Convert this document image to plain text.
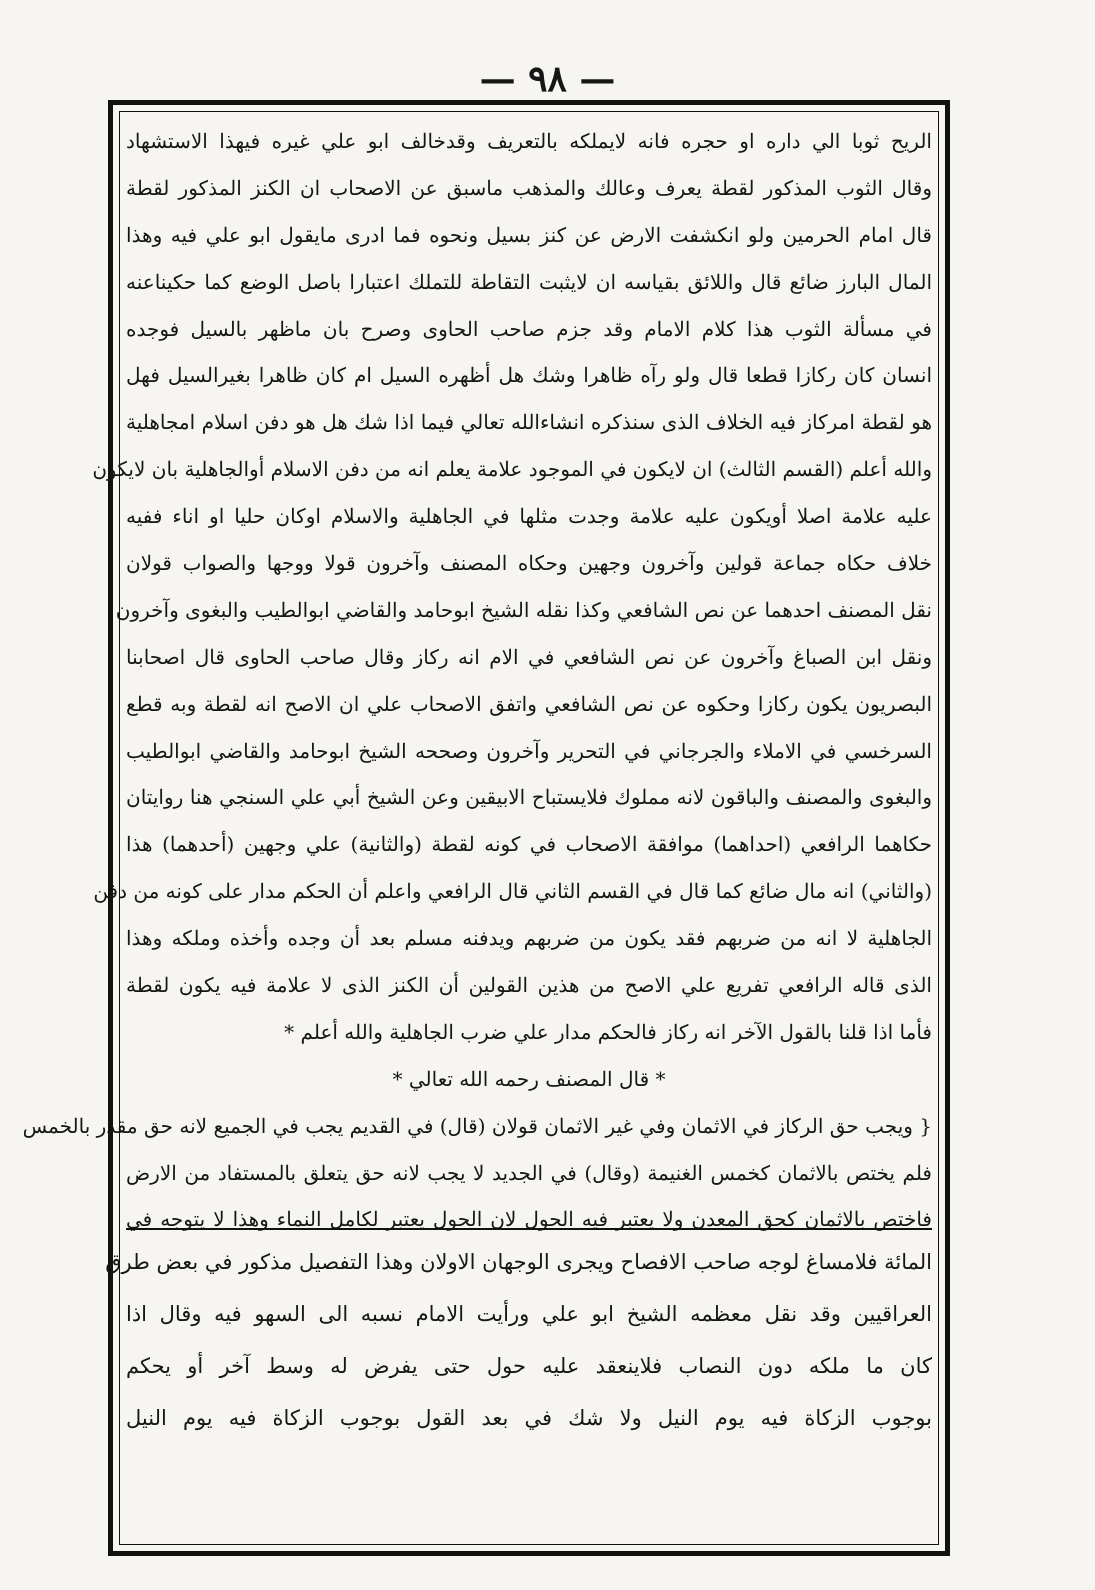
— ٩٨ —
الريح ثوبا الي داره او حجره فانه لايملكه بالتعريف وقدخالف ابو علي غيره فيهذا الاستشهاد
وقال الثوب المذكور لقطة يعرف وعالك والمذهب ماسبق عن الاصحاب ان الكنز المذكور لقطة
قال امام الحرمين ولو انكشفت الارض عن كنز بسيل ونحوه فما ادرى مايقول ابو علي فيه وهذا
المال البارز ضائع قال واللائق بقياسه ان لايثبت التقاطة للتملك اعتبارا باصل الوضع كما حكيناعنه
في مسألة الثوب هذا كلام الامام وقد جزم صاحب الحاوى وصرح بان ماظهر بالسيل فوجده
انسان كان ركازا قطعا قال ولو رآه ظاهرا وشك هل أظهره السيل ام كان ظاهرا بغيرالسيل فهل
هو لقطة امركاز فيه الخلاف الذى سنذكره انشاءالله تعالي فيما اذا شك هل هو دفن اسلام امجاهلية
والله أعلم (القسم الثالث) ان لايكون في الموجود علامة يعلم انه من دفن الاسلام أوالجاهلية بان لايكون
عليه علامة اصلا أويكون عليه علامة وجدت مثلها في الجاهلية والاسلام اوكان حليا او اناء ففيه
خلاف حكاه جماعة قولين وآخرون وجهين وحكاه المصنف وآخرون قولا ووجها والصواب قولان
نقل المصنف احدهما عن نص الشافعي وكذا نقله الشيخ ابوحامد والقاضي ابوالطيب والبغوى وآخرون
ونقل ابن الصباغ وآخرون عن نص الشافعي في الام انه ركاز وقال صاحب الحاوى قال اصحابنا
البصريون يكون ركازا وحكوه عن نص الشافعي واتفق الاصحاب علي ان الاصح انه لقطة وبه قطع
السرخسي في الاملاء والجرجاني في التحرير وآخرون وصححه الشيخ ابوحامد والقاضي ابوالطيب
والبغوى والمصنف والباقون لانه مملوك فلايستباح الابيقين وعن الشيخ أبي علي السنجي هنا روايتان
حكاهما الرافعي (احداهما) موافقة الاصحاب في كونه لقطة (والثانية) علي وجهين (أحدهما) هذا
(والثاني) انه مال ضائع كما قال في القسم الثاني قال الرافعي واعلم أن الحكم مدار على كونه من دفن
الجاهلية لا انه من ضربهم فقد يكون من ضربهم ويدفنه مسلم بعد أن وجده وأخذه وملكه وهذا
الذى قاله الرافعي تفريع علي الاصح من هذين القولين أن الكنز الذى لا علامة فيه يكون لقطة
فأما اذا قلنا بالقول الآخر انه ركاز فالحكم مدار علي ضرب الجاهلية والله أعلم *
* قال المصنف رحمه الله تعالي *
{ ويجب حق الركاز في الاثمان وفي غير الاثمان قولان (قال) في القديم يجب في الجميع لانه حق مقدر بالخمس
فلم يختص بالاثمان كخمس الغنيمة (وقال) في الجديد لا يجب لانه حق يتعلق بالمستفاد من الارض
فاختص بالاثمان كحق المعدن ولا يعتبر فيه الحول لان الحول يعتبر لكامل النماء وهذا لا يتوجه في
المائة فلامساغ لوجه صاحب الافصاح ويجرى الوجهان الاولان وهذا التفصيل مذكور في بعض طرق
العراقيين وقد نقل معظمه الشيخ ابو علي ورأيت الامام نسبه الى السهو فيه وقال اذا
كان ما ملكه دون النصاب فلاينعقد عليه حول حتى يفرض له وسط آخر أو يحكم
بوجوب الزكاة فيه يوم النيل ولا شك في بعد القول بوجوب الزكاة فيه يوم النيل
